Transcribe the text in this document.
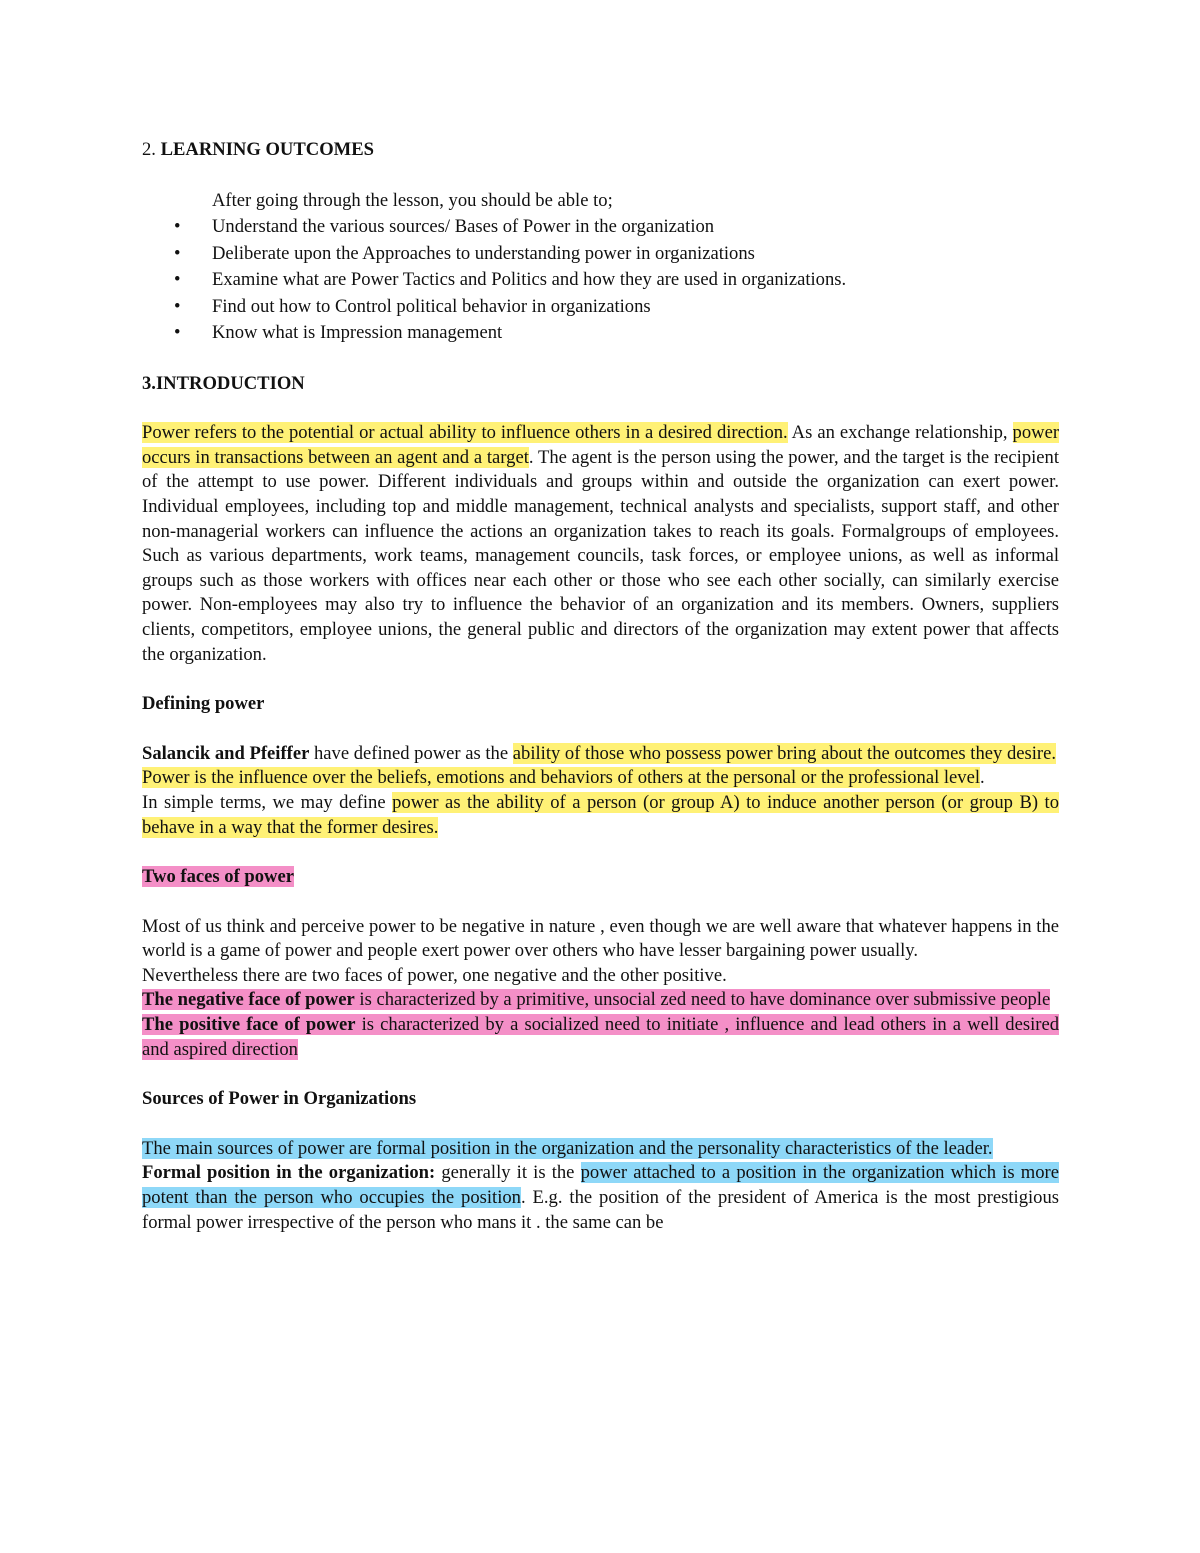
2. LEARNING OUTCOMES

After going through the lesson, you should be able to;

• Understand the various sources/ Bases of Power in the organization
• Deliberate upon the Approaches to understanding power in organizations
• Examine what are Power Tactics and Politics and how they are used in organizations.
• Find out how to Control political behavior in organizations
• Know what is Impression management

3.INTRODUCTION

Power refers to the potential or actual ability to influence others in a desired direction. As an exchange relationship, power occurs in transactions between an agent and a target. The agent is the person using the power, and the target is the recipient of the attempt to use power. Different individuals and groups within and outside the organization can exert power. Individual employees, including top and middle management, technical analysts and specialists, support staff, and other non-managerial workers can influence the actions an organization takes to reach its goals. Formalgroups of employees. Such as various departments, work teams, management councils, task forces, or employee unions, as well as informal groups such as those workers with offices near each other or those who see each other socially, can similarly exercise power. Non-employees may also try to influence the behavior of an organization and its members. Owners, suppliers clients, competitors, employee unions, the general public and directors of the organization may extent power that affects the organization.

Defining power

Salancik and Pfeiffer have defined power as the ability of those who possess power bring about the outcomes they desire.

Power is the influence over the beliefs, emotions and behaviors of others at the personal or the professional level.

In simple terms, we may define power as the ability of a person (or group A) to induce another person (or group B) to behave in a way that the former desires.

Two faces of power

Most of us think and perceive power to be negative in nature , even though we are well aware that whatever happens in the world is a game of power and people exert power over others who have lesser bargaining power usually.

Nevertheless there are two faces of power, one negative and the other positive.

The negative face of power is characterized by a primitive, unsocial zed need to have dominance over submissive people

The positive face of power is characterized by a socialized need to initiate , influence and lead others in a well desired and aspired direction

Sources of Power in Organizations

The main sources of power are formal position in the organization and the personality characteristics of the leader.

Formal position in the organization: generally it is the power attached to a position in the organization which is more potent than the person who occupies the position. E.g. the position of the president of America is the most prestigious formal power irrespective of the person who mans it . the same can be
